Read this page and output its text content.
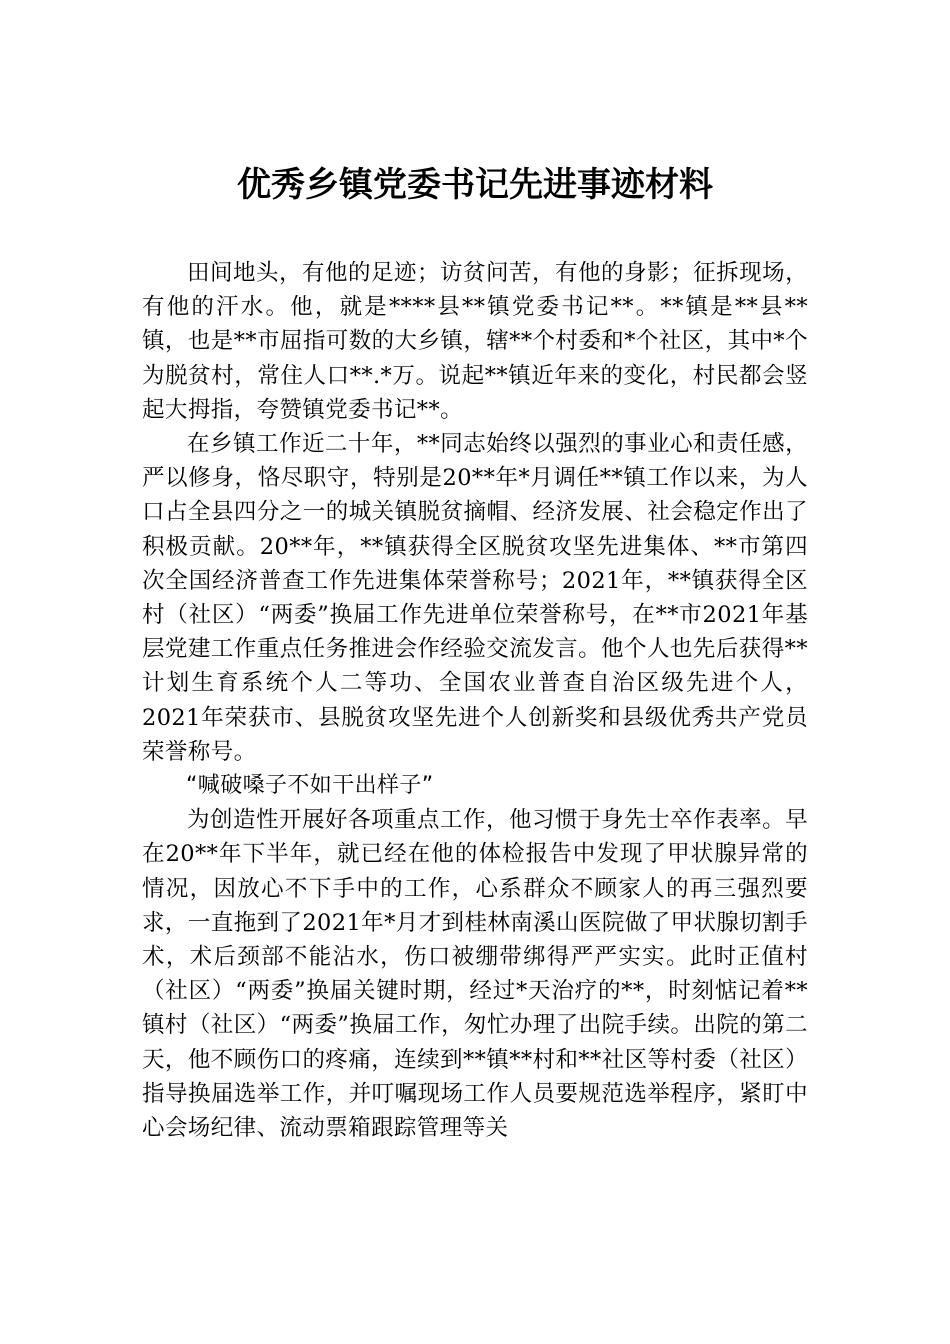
优秀乡镇党委书记先进事迹材料

田间地头，有他的足迹；访贫问苦，有他的身影；征拆现场，有他的汗水。他，就是****县**镇党委书记**。**镇是**县**镇，也是**市屈指可数的大乡镇，辖**个村委和*个社区，其中*个为脱贫村，常住人口**.*万。说起**镇近年来的变化，村民都会竖起大拇指，夸赞镇党委书记**。

在乡镇工作近二十年，**同志始终以强烈的事业心和责任感，严以修身，恪尽职守，特别是20**年*月调任**镇工作以来，为人口占全县四分之一的城关镇脱贫摘帽、经济发展、社会稳定作出了积极贡献。20**年，**镇获得全区脱贫攻坚先进集体、**市第四次全国经济普查工作先进集体荣誉称号；2021年，**镇获得全区村（社区）“两委”换届工作先进单位荣誉称号，在**市2021年基层党建工作重点任务推进会作经验交流发言。他个人也先后获得**计划生育系统个人二等功、全国农业普查自治区级先进个人，2021年荣获市、县脱贫攻坚先进个人创新奖和县级优秀共产党员荣誉称号。

“喊破嗓子不如干出样子”

为创造性开展好各项重点工作，他习惯于身先士卒作表率。早在20**年下半年，就已经在他的体检报告中发现了甲状腺异常的情况，因放心不下手中的工作，心系群众不顾家人的再三强烈要求，一直拖到了2021年*月才到桂林南溪山医院做了甲状腺切割手术，术后颈部不能沾水，伤口被绷带绑得严严实实。此时正值村（社区）“两委”换届关键时期，经过*天治疗的**，时刻惦记着**镇村（社区）“两委”换届工作，匆忙办理了出院手续。出院的第二天，他不顾伤口的疼痛，连续到**镇**村和**社区等村委（社区）指导换届选举工作，并叮嘱现场工作人员要规范选举程序，紧盯中心会场纪律、流动票箱跟踪管理等关
